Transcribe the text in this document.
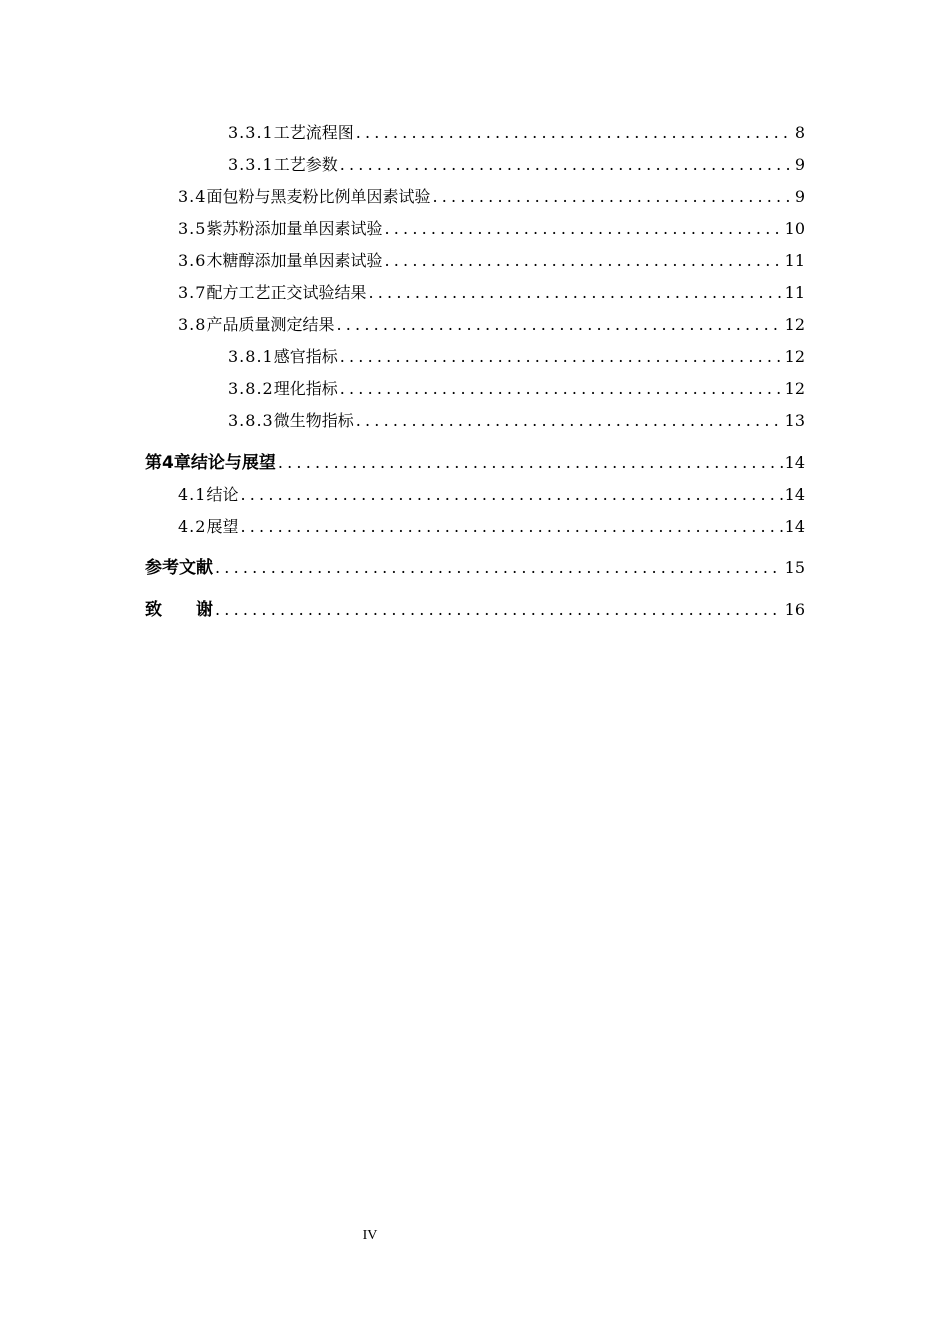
3.3.1 工艺流程图 .....	8
3.3.1 工艺参数 .....	9
3.4 面包粉与黑麦粉比例单因素试验 .....	9
3.5 紫苏粉添加量单因素试验 .....	10
3.6 木糖醇添加量单因素试验 .....	11
3.7 配方工艺正交试验结果 .....	11
3.8 产品质量测定结果 .....	12
3.8.1 感官指标 .....	12
3.8.2 理化指标 .....	12
3.8.3 微生物指标 .....	13
第4章 结论与展望 .....	14
4.1 结论 .....	14
4.2 展望 .....	14
参考文献 .....	15
致　　谢 .....	16
IV
